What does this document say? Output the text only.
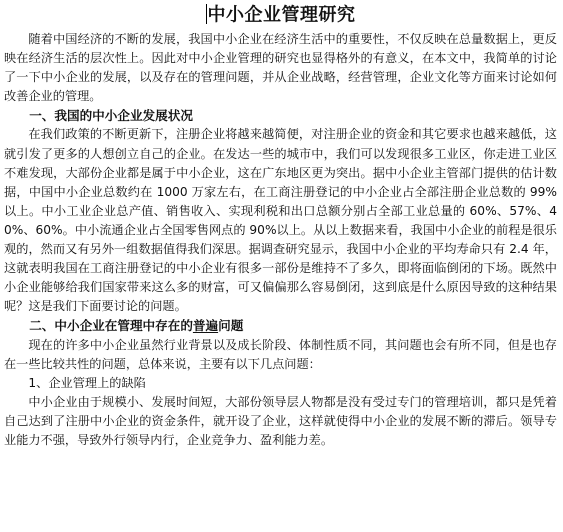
中小企业管理研究

随着中国经济的不断的发展，我国中小企业在经济生活中的重要性，不仅反映在总量数据上，更反映在经济生活的层次性上。因此对中小企业管理的研究也显得格外的有意义，在本文中，我简单的讨论了一下中小企业的发展，以及存在的管理问题，并从企业战略，经营管理，企业文化等方面来讨论如何改善企业的管理。

一、我国的中小企业发展状况

在我们政策的不断更新下，注册企业将越来越简便，对注册企业的资金和其它要求也越来越低，这就引发了更多的人想创立自己的企业。在发达一些的城市中，我们可以发现很多工业区，你走进工业区不难发现，大部份企业都是属于中小企业，这在广东地区更为突出。据中小企业主管部门提供的估计数据，中国中小企业总数约在 1000 万家左右，在工商注册登记的中小企业占全部注册企业总数的 99%以上。中小工业企业总产值、销售收入、实现利税和出口总额分别占全部工业总量的 60%、57%、40%、60%。中小流通企业占全国零售网点的 90%以上。从以上数据来看，我国中小企业的前程是很乐观的，然而又有另外一组数据值得我们深思。据调查研究显示，我国中小企业的平均寿命只有 2.4 年，这就表明我国在工商注册登记的中小企业有很多一部份是维持不了多久，即将面临倒闭的下场。既然中小企业能够给我们国家带来这么多的财富，可又偏偏那么容易倒闭，这到底是什么原因导致的这种结果呢？这是我们下面要讨论的问题。

二、中小企业在管理中存在的普遍问题

现在的许多中小企业虽然行业背景以及成长阶段、体制性质不同，其问题也会有所不同，但是也存在一些比较共性的问题，总体来说，主要有以下几点问题：

1、企业管理上的缺陷

中小企业由于规模小、发展时间短，大部份领导层人物都是没有受过专门的管理培训，都只是凭着自己达到了注册中小企业的资金条件，就开设了企业，这样就使得中小企业的发展不断的滞后。领导专业能力不强，导致外行领导内行，企业竞争力、盈利能力差。
